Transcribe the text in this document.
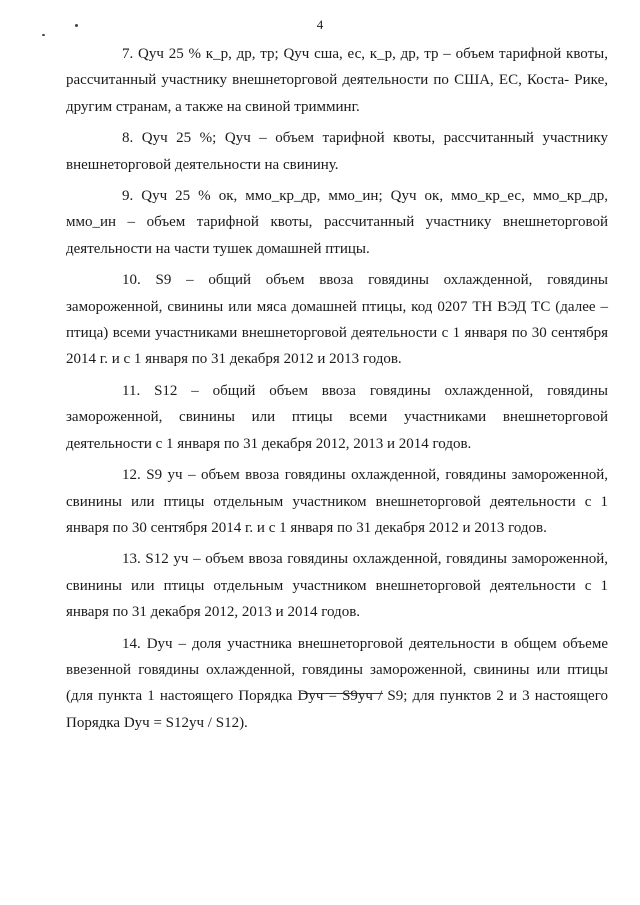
4

7. Qуч 25 % к_р, др, тр; Qуч сша, ес, к_р, др, тр – объем тарифной квоты, рассчитанный участнику внешнеторговой деятельности по США, ЕС, Коста- Рике, другим странам, а также на свиной тримминг.

8. Qуч 25 %; Qуч – объем тарифной квоты, рассчитанный участнику внешнеторговой деятельности на свинину.

9. Qуч 25 % ок, ммо_кр_др, ммо_ин; Qуч ок, ммо_кр_ес, ммо_кр_др, ммо_ин – объем тарифной квоты, рассчитанный участнику внешнеторговой деятельности на части тушек домашней птицы.

10. S9 – общий объем ввоза говядины охлажденной, говядины замороженной, свинины или мяса домашней птицы, код 0207 ТН ВЭД ТС (далее – птица) всеми участниками внешнеторговой деятельности с 1 января по 30 сентября 2014 г. и с 1 января по 31 декабря 2012 и 2013 годов.

11. S12 – общий объем ввоза говядины охлажденной, говядины замороженной, свинины или птицы всеми участниками внешнеторговой деятельности с 1 января по 31 декабря 2012, 2013 и 2014 годов.

12. S9 уч – объем ввоза говядины охлажденной, говядины замороженной, свинины или птицы отдельным участником внешнеторговой деятельности с 1 января по 30 сентября 2014 г. и с 1 января по 31 декабря 2012 и 2013 годов.

13. S12 уч – объем ввоза говядины охлажденной, говядины замороженной, свинины или птицы отдельным участником внешнеторговой деятельности с 1 января по 31 декабря 2012, 2013 и 2014 годов.

14. Dуч – доля участника внешнеторговой деятельности в общем объеме ввезенной говядины охлажденной, говядины замороженной, свинины или птицы (для пункта 1 настоящего Порядка Dуч = S9уч / S9; для пунктов 2 и 3 настоящего Порядка Dуч = S12уч / S12).
